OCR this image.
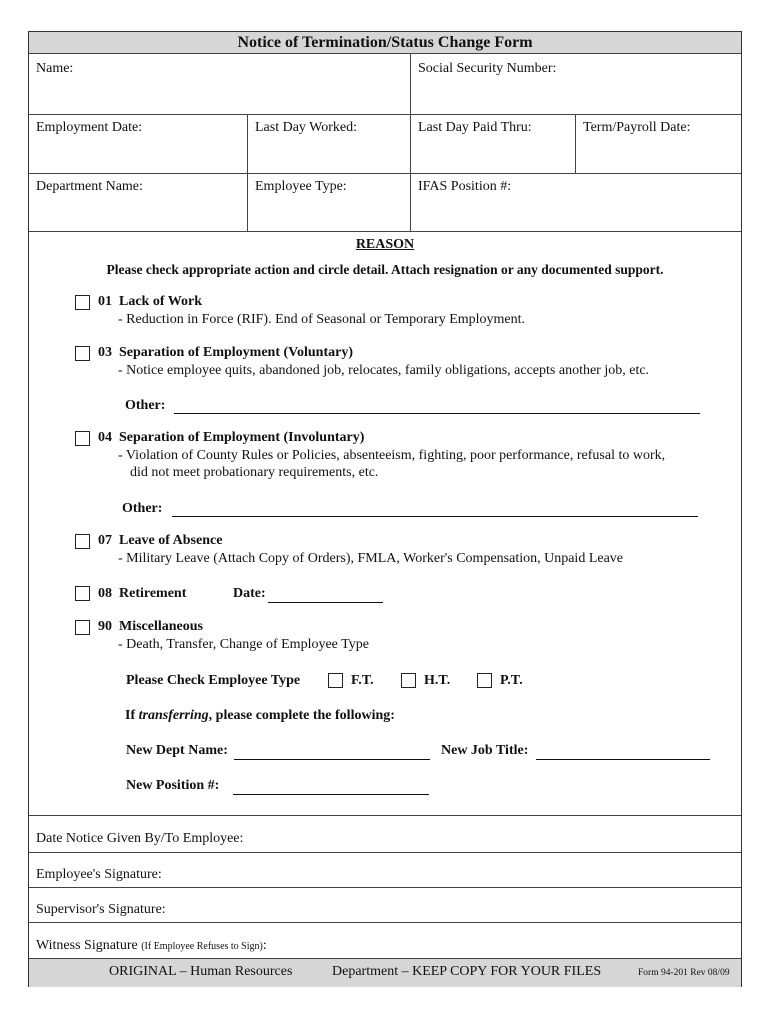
Notice of Termination/Status Change Form
Name:	Social Security Number:
Employment Date:	Last Day Worked:	Last Day Paid Thru:	Term/Payroll Date:
Department Name:	Employee Type:	IFAS Position #:
REASON
Please check appropriate action and circle detail. Attach resignation or any documented support.
01 Lack of Work
- Reduction in Force (RIF). End of Seasonal or Temporary Employment.
03 Separation of Employment (Voluntary)
- Notice employee quits, abandoned job, relocates, family obligations, accepts another job, etc.
Other:
04 Separation of Employment (Involuntary)
- Violation of County Rules or Policies, absenteeism, fighting, poor performance, refusal to work,
did not meet probationary requirements, etc.
Other:
07 Leave of Absence
- Military Leave (Attach Copy of Orders), FMLA, Worker's Compensation, Unpaid Leave
08 Retirement	Date:
90 Miscellaneous
- Death, Transfer, Change of Employee Type
Please Check Employee Type	F.T.	H.T.	P.T.
If transferring, please complete the following:
New Dept Name:	New Job Title:
New Position #:
Date Notice Given By/To Employee:
Employee's Signature:
Supervisor's Signature:
Witness Signature (If Employee Refuses to Sign):
ORIGINAL – Human Resources	Department – KEEP COPY FOR YOUR FILES	Form 94-201 Rev 08/09
